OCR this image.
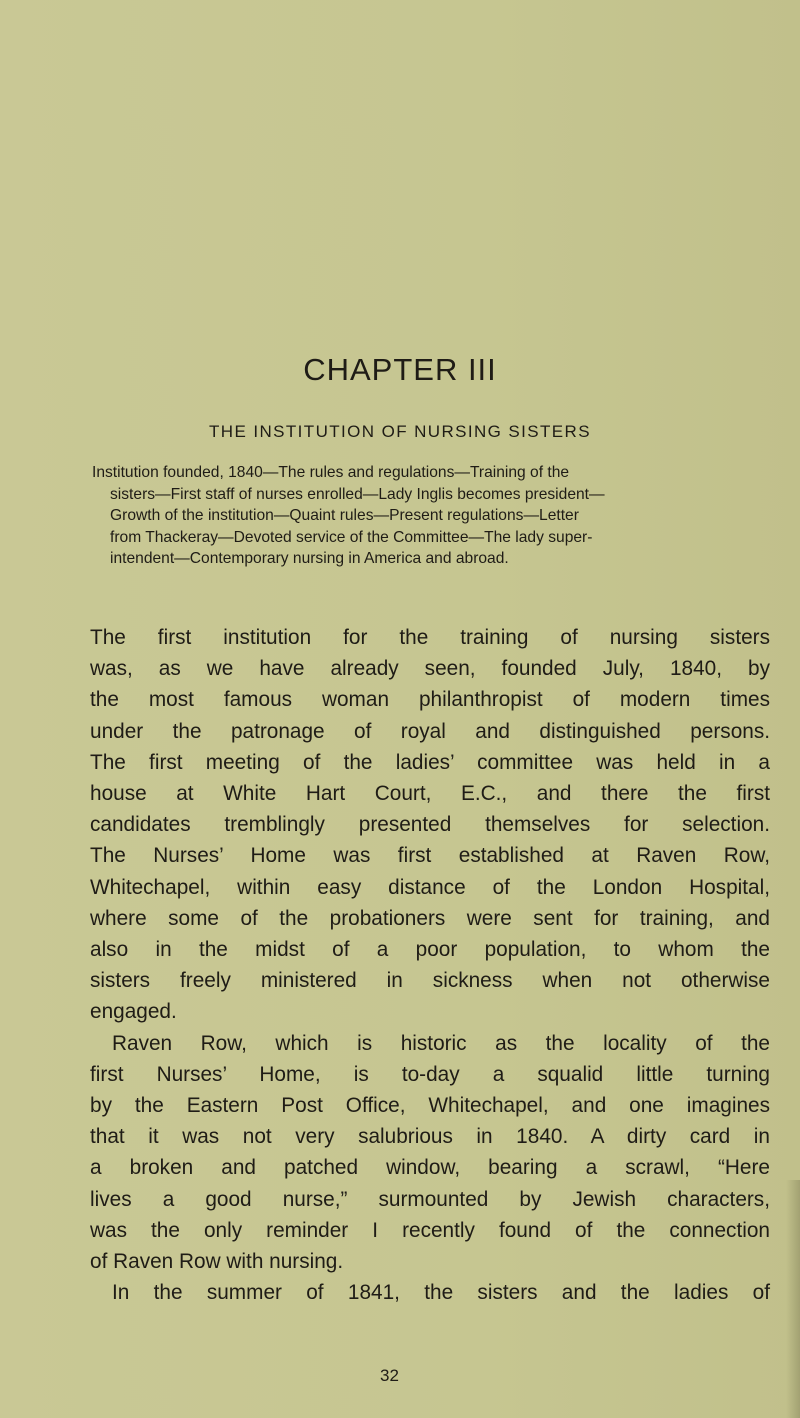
CHAPTER III
THE INSTITUTION OF NURSING SISTERS
Institution founded, 1840—The rules and regulations—Training of the
sisters—First staff of nurses enrolled—Lady Inglis becomes president—
Growth of the institution—Quaint rules—Present regulations—Letter
from Thackeray—Devoted service of the Committee—The lady super-
intendent—Contemporary nursing in America and abroad.
The first institution for the training of nursing sisters
was, as we have already seen, founded July, 1840, by
the most famous woman philanthropist of modern times
under the patronage of royal and distinguished persons.
The first meeting of the ladies’ committee was held in a
house at White Hart Court, E.C., and there the first
candidates tremblingly presented themselves for selection.
The Nurses’ Home was first established at Raven Row,
Whitechapel, within easy distance of the London Hospital,
where some of the probationers were sent for training, and
also in the midst of a poor population, to whom the
sisters freely ministered in sickness when not otherwise
engaged.
Raven Row, which is historic as the locality of the
first Nurses’ Home, is to-day a squalid little turning
by the Eastern Post Office, Whitechapel, and one imagines
that it was not very salubrious in 1840. A dirty card in
a broken and patched window, bearing a scrawl, “Here
lives a good nurse,” surmounted by Jewish characters,
was the only reminder I recently found of the connection
of Raven Row with nursing.
In the summer of 1841, the sisters and the ladies of
32
